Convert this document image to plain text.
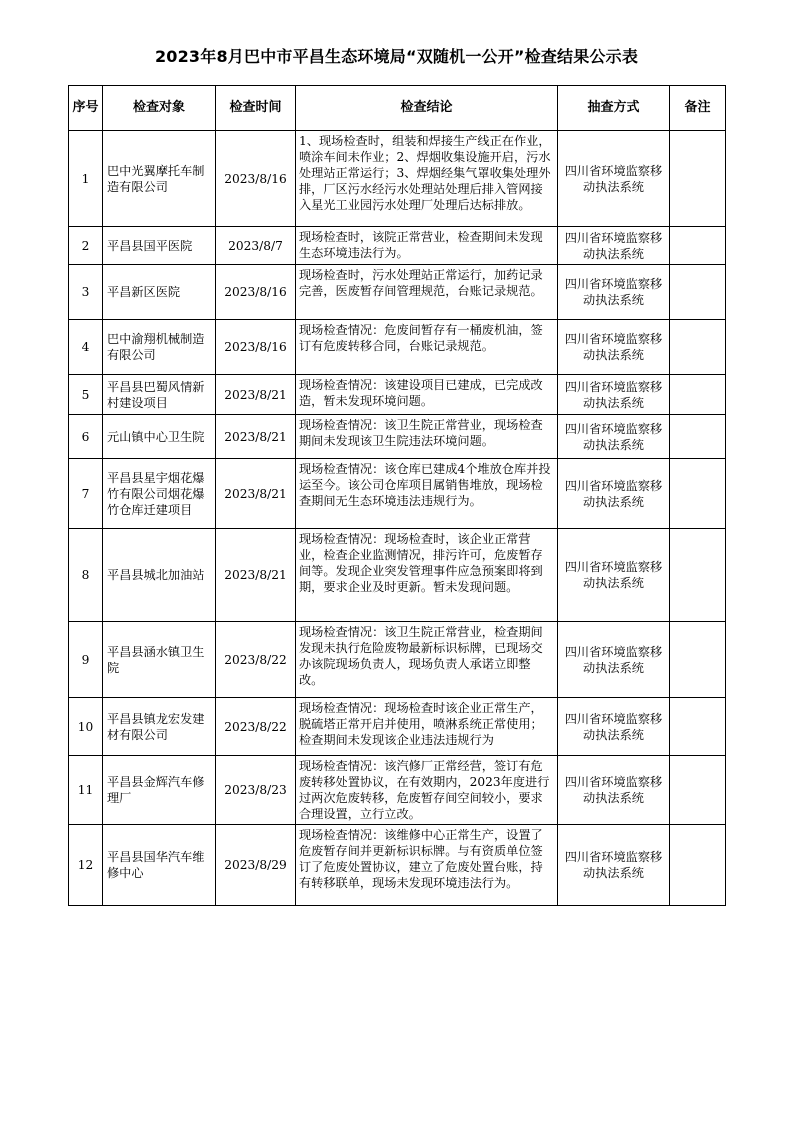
2023年8月巴中市平昌生态环境局“双随机一公开”检查结果公示表
序号	检查对象	检查时间	检查结论	抽查方式	备注
1	巴中光翼摩托车制造有限公司	2023/8/16	1、现场检查时，组装和焊接生产线正在作业，喷涂车间未作业；2、焊烟收集设施开启，污水处理站正常运行；3、焊烟经集气罩收集处理外排，厂区污水经污水处理站处理后排入管网接入星光工业园污水处理厂处理后达标排放。	四川省环境监察移动执法系统	
2	平昌县国平医院	2023/8/7	现场检查时，该院正常营业，检查期间未发现生态环境违法行为。	四川省环境监察移动执法系统	
3	平昌新区医院	2023/8/16	现场检查时，污水处理站正常运行，加药记录完善，医废暂存间管理规范，台账记录规范。	四川省环境监察移动执法系统	
4	巴中渝翔机械制造有限公司	2023/8/16	现场检查情况：危废间暂存有一桶废机油，签订有危废转移合同，台账记录规范。	四川省环境监察移动执法系统	
5	平昌县巴蜀风情新村建设项目	2023/8/21	现场检查情况：该建设项目已建成，已完成改造，暂未发现环境问题。	四川省环境监察移动执法系统	
6	元山镇中心卫生院	2023/8/21	现场检查情况：该卫生院正常营业，现场检查期间未发现该卫生院违法环境问题。	四川省环境监察移动执法系统	
7	平昌县星宇烟花爆竹有限公司烟花爆竹仓库迁建项目	2023/8/21	现场检查情况：该仓库已建成4个堆放仓库并投运至今。该公司仓库项目属销售堆放，现场检查期间无生态环境违法违规行为。	四川省环境监察移动执法系统	
8	平昌县城北加油站	2023/8/21	现场检查情况：现场检查时，该企业正常营业，检查企业监测情况，排污许可，危废暂存间等。发现企业突发管理事件应急预案即将到期，要求企业及时更新。暂未发现问题。	四川省环境监察移动执法系统	
9	平昌县涵水镇卫生院	2023/8/22	现场检查情况：该卫生院正常营业，检查期间发现未执行危险废物最新标识标牌，已现场交办该院现场负责人，现场负责人承诺立即整改。	四川省环境监察移动执法系统	
10	平昌县镇龙宏发建材有限公司	2023/8/22	现场检查情况：现场检查时该企业正常生产，脱硫塔正常开启并使用，喷淋系统正常使用；检查期间未发现该企业违法违规行为	四川省环境监察移动执法系统	
11	平昌县金辉汽车修理厂	2023/8/23	现场检查情况：该汽修厂正常经营，签订有危废转移处置协议，在有效期内，2023年度进行过两次危废转移，危废暂存间空间较小，要求合理设置，立行立改。	四川省环境监察移动执法系统	
12	平昌县国华汽车维修中心	2023/8/29	现场检查情况：该维修中心正常生产，设置了危废暂存间并更新标识标牌。与有资质单位签订了危废处置协议，建立了危废处置台账，持有转移联单，现场未发现环境违法行为。	四川省环境监察移动执法系统	
